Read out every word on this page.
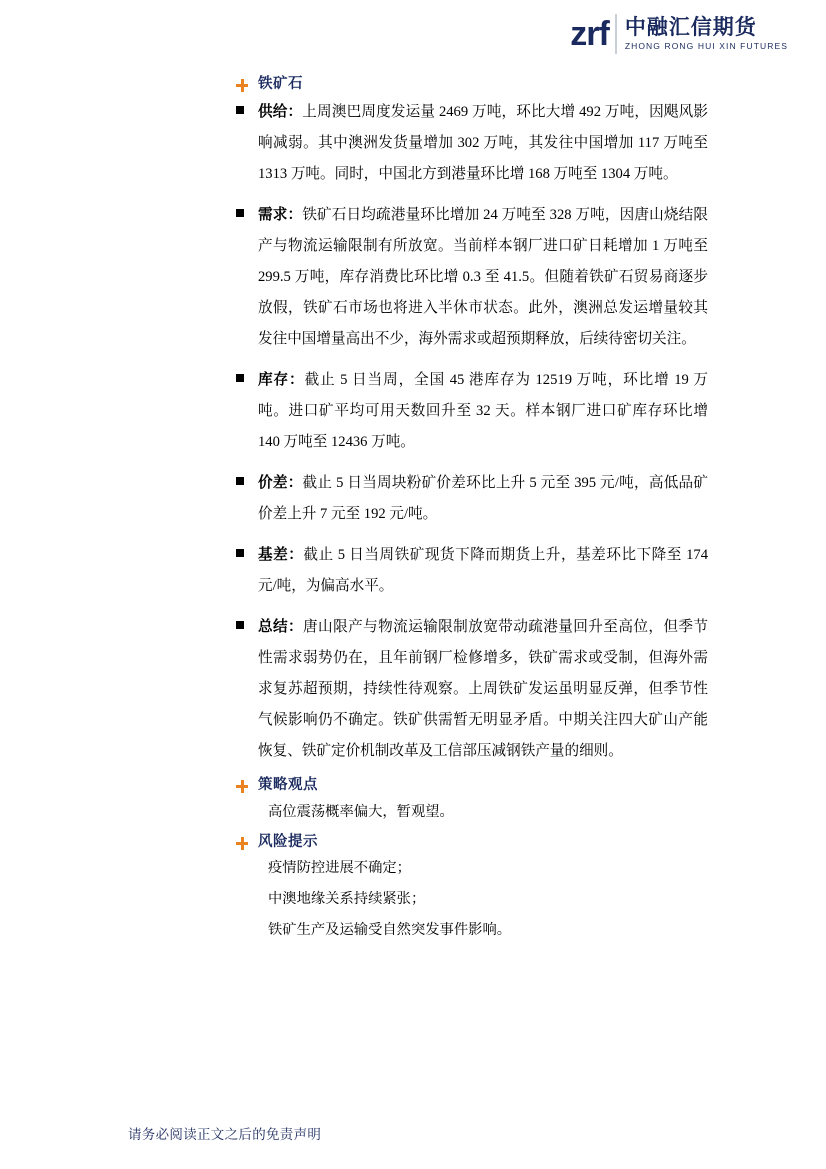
zrf 中融汇信期货
ZHONG RONG HUI XIN FUTURES
铁矿石
供给：上周澳巴周度发运量 2469 万吨，环比大增 492 万吨，因飓风影响减弱。其中澳洲发货量增加 302 万吨，其发往中国增加 117 万吨至 1313 万吨。同时，中国北方到港量环比增 168 万吨至 1304 万吨。
需求：铁矿石日均疏港量环比增加 24 万吨至 328 万吨，因唐山烧结限产与物流运输限制有所放宽。当前样本钢厂进口矿日耗增加 1 万吨至 299.5 万吨，库存消费比环比增 0.3 至 41.5。但随着铁矿石贸易商逐步放假，铁矿石市场也将进入半休市状态。此外，澳洲总发运增量较其发往中国增量高出不少，海外需求或超预期释放，后续待密切关注。
库存：截止 5 日当周，全国 45 港库存为 12519 万吨，环比增 19 万吨。进口矿平均可用天数回升至 32 天。样本钢厂进口矿库存环比增 140 万吨至 12436 万吨。
价差：截止 5 日当周块粉矿价差环比上升 5 元至 395 元/吨，高低品矿价差上升 7 元至 192 元/吨。
基差：截止 5 日当周铁矿现货下降而期货上升，基差环比下降至 174 元/吨，为偏高水平。
总结：唐山限产与物流运输限制放宽带动疏港量回升至高位，但季节性需求弱势仍在，且年前钢厂检修增多，铁矿需求或受制，但海外需求复苏超预期，持续性待观察。上周铁矿发运虽明显反弹，但季节性气候影响仍不确定。铁矿供需暂无明显矛盾。中期关注四大矿山产能恢复、铁矿定价机制改革及工信部压减钢铁产量的细则。
策略观点
高位震荡概率偏大，暂观望。
风险提示
疫情防控进展不确定；
中澳地缘关系持续紧张；
铁矿生产及运输受自然突发事件影响。
请务必阅读正文之后的免责声明
